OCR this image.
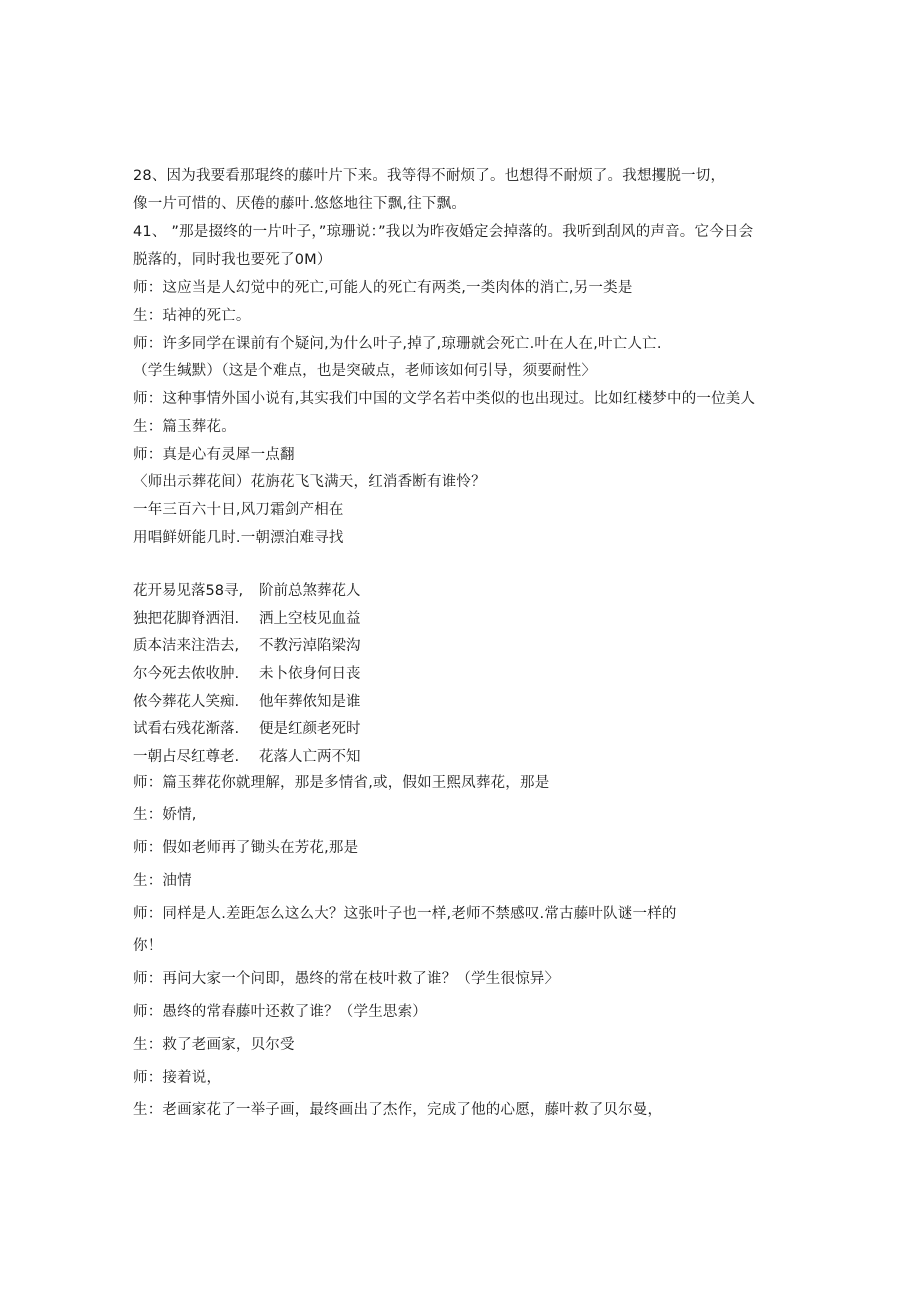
28、因为我要看那琨终的藤叶片下来。我等得不耐烦了。也想得不耐烦了。我想攫脱一切，
像一片可惜的、厌倦的藤叶.悠悠地往下飘,往下飘。
41、 ”那是掇终的一片叶子，”琼珊说：”我以为昨夜婚定会掉落的。我听到刮风的声音。它今日会
脱落的，同时我也要死了0M）
师：这应当是人幻觉中的死亡,可能人的死亡有两类,一类肉体的消亡,另一类是
生：玷神的死亡。
师：许多同学在课前有个疑问,为什么叶子,掉了,琼珊就会死亡.叶在人在,叶亡人亡.
（学生缄默）（这是个难点，也是突破点，老师该如何引导，须要耐性〉
师：这种事情外国小说有,其实我们中国的文学名若中类似的也出现过。比如红楼梦中的一位美人
生：篇玉葬花。
师：真是心有灵犀一点翻
〈师出示葬花间）花旃花飞飞满天，红消香断有谁怜？
一年三百六十日,风刀霜剑产相在
用唱鲜妍能几时.一朝漂泊难寻找
花开易见落58寻, 阶前总煞葬花人
独把花脚脊洒泪. 洒上空枝见血益
质本洁来注浩去, 不教污淖陷梁沟
尔今死去侬收肿. 未卜依身何日丧
侬今葬花人笑痴. 他年葬侬知是谁
试看右残花渐落. 便是红颜老死时
一朝占尽红尊老. 花落人亡两不知
师：篇玉葬花你就理解，那是多情省,或，假如王熙凤葬花，那是
生：娇情,
师：假如老师再了锄头在芳花,那是
生：油情
师：同样是人.差距怎么这么大？这张叶子也一样,老师不禁感叹.常古藤叶队谜一样的
你！
师：再问大家一个问即，愚终的常在枝叶救了谁？（学生很惊异〉
师：愚终的常春藤叶还救了谁？（学生思索）
生：救了老画家，贝尔受
师：接着说，
生：老画家花了一举子画，最终画出了杰作，完成了他的心愿，藤叶救了贝尔曼，
